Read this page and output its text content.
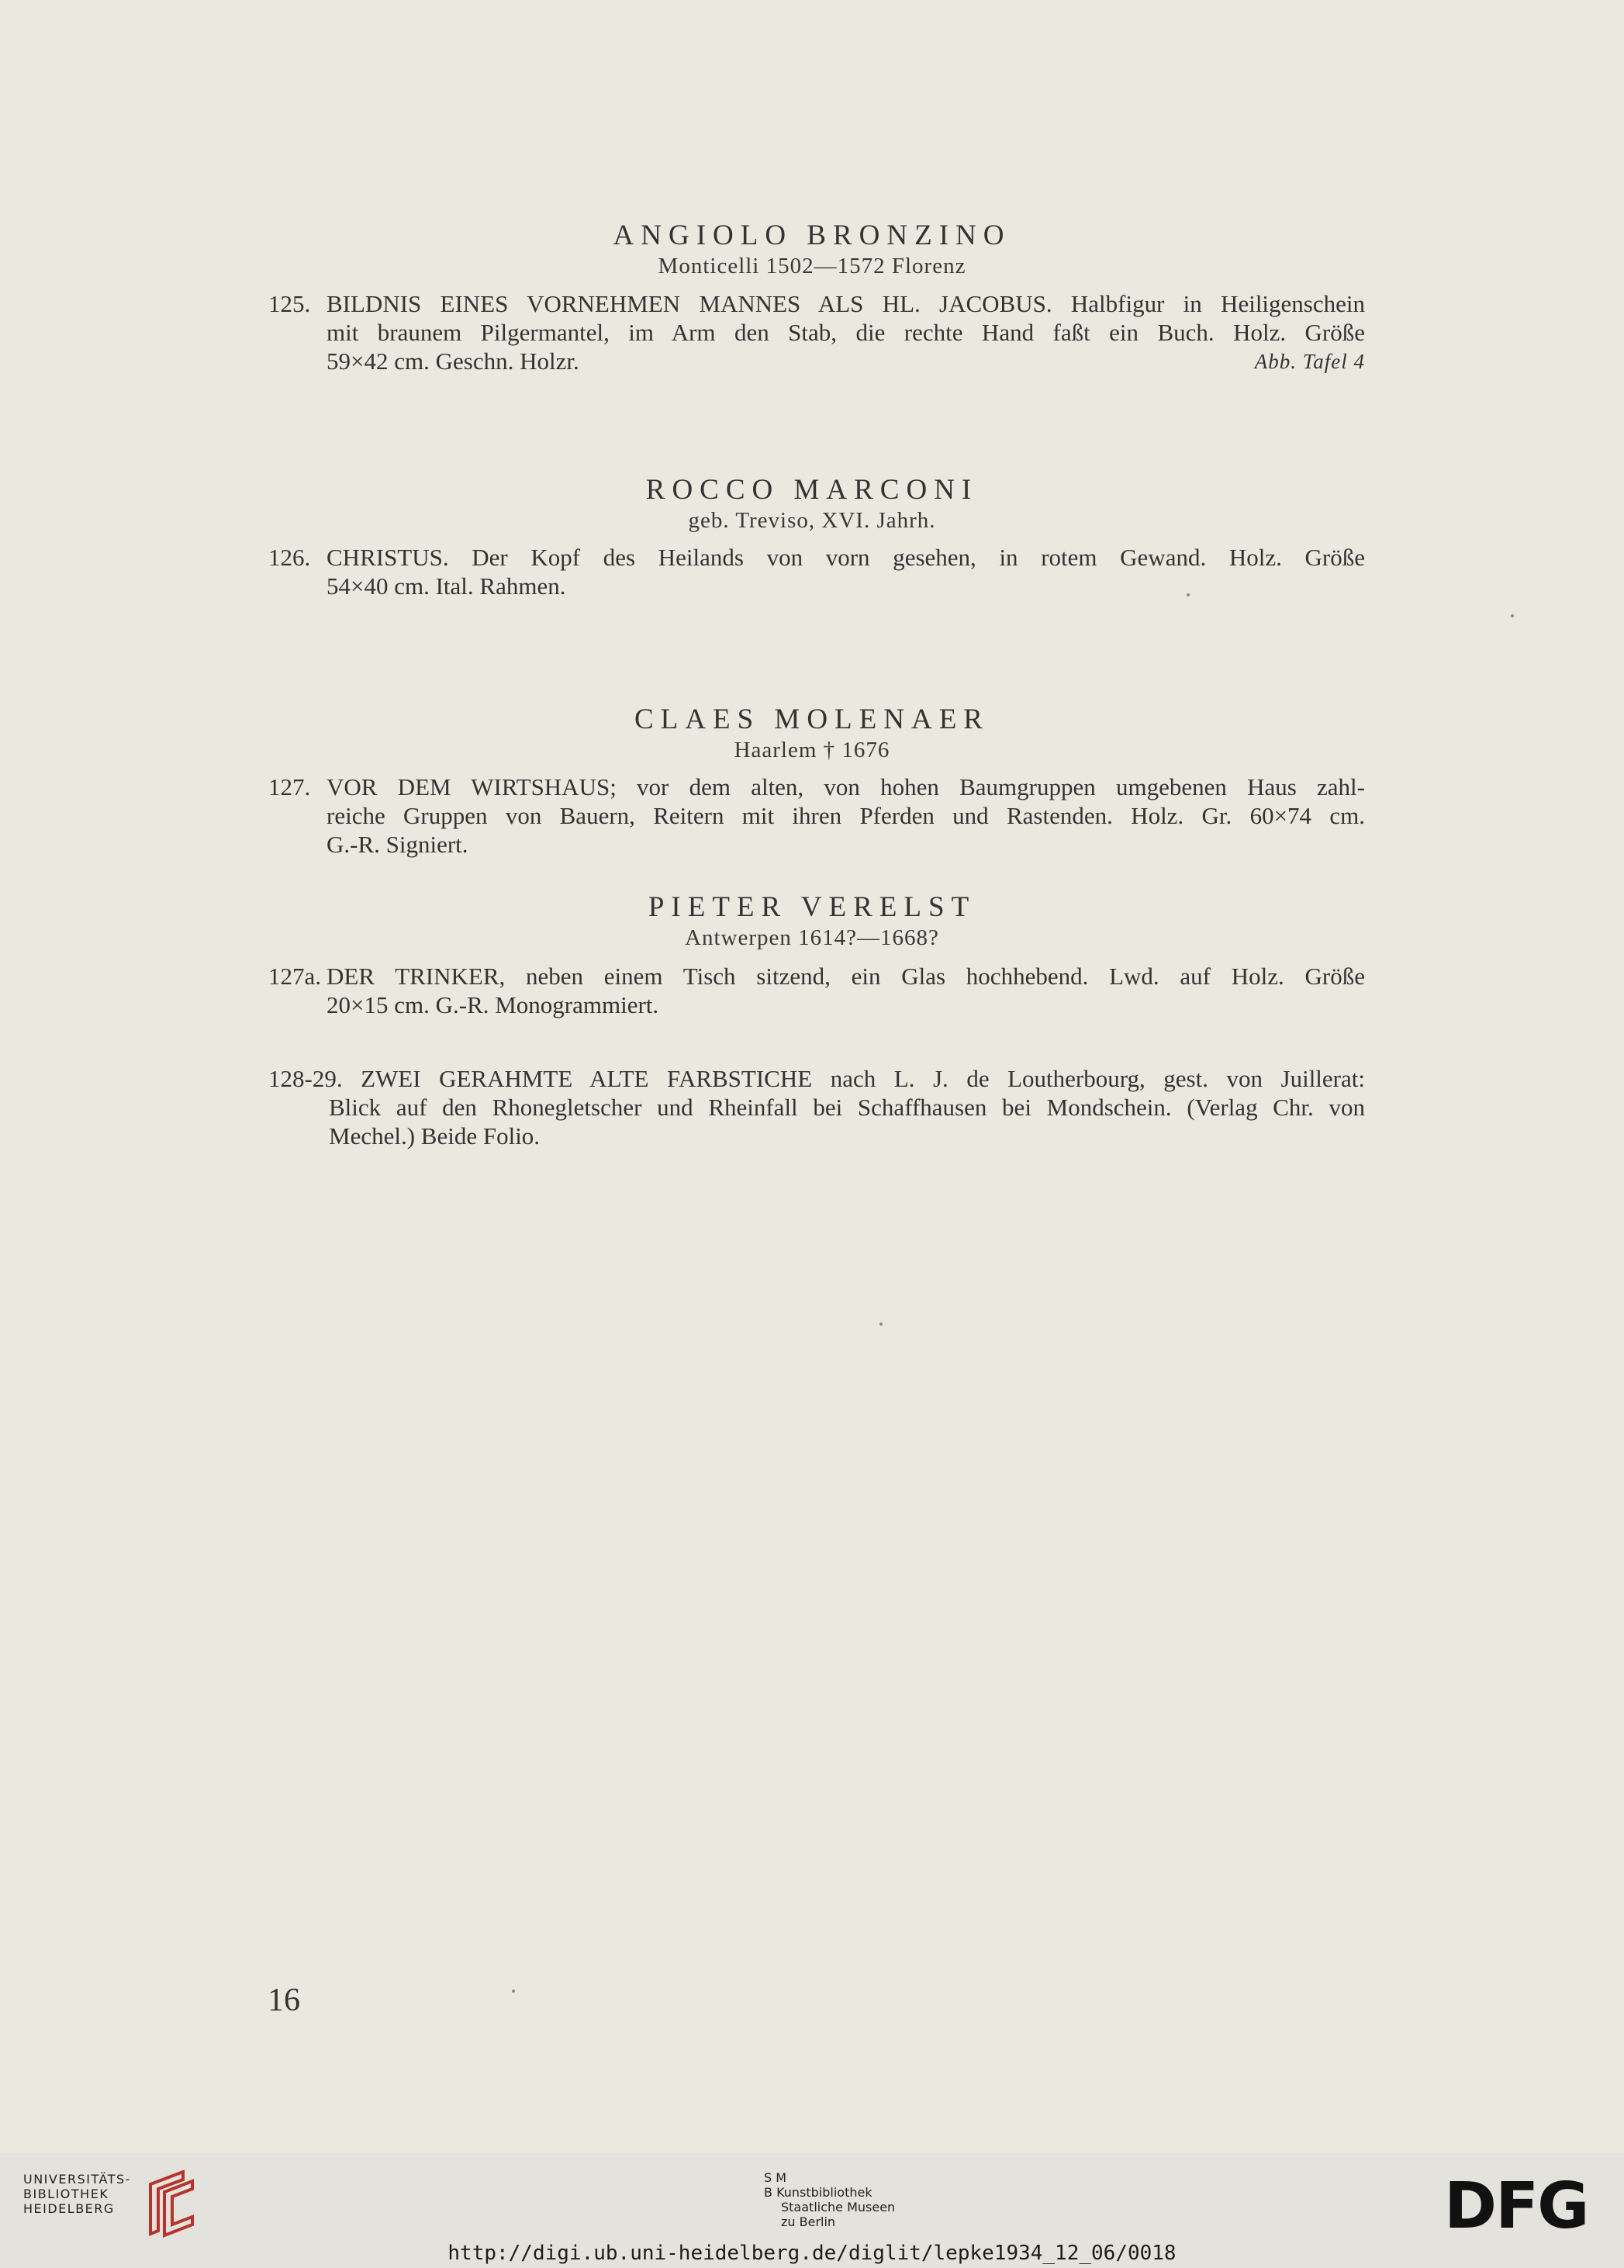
ANGIOLO BRONZINO
Monticelli 1502—1572 Florenz
125. BILDNIS EINES VORNEHMEN MANNES ALS HL. JACOBUS. Halbfigur in Heiligenschein
mit braunem Pilgermantel, im Arm den Stab, die rechte Hand faßt ein Buch. Holz. Größe
59×42 cm. Geschn. Holzr.	Abb. Tafel 4
ROCCO MARCONI
geb. Treviso, XVI. Jahrh.
126. CHRISTUS. Der Kopf des Heilands von vorn gesehen, in rotem Gewand. Holz. Größe
54×40 cm. Ital. Rahmen.
CLAES MOLENAER
Haarlem † 1676
127. VOR DEM WIRTSHAUS; vor dem alten, von hohen Baumgruppen umgebenen Haus zahl-
reiche Gruppen von Bauern, Reitern mit ihren Pferden und Rastenden. Holz. Gr. 60×74 cm.
G.-R. Signiert.
PIETER VERELST
Antwerpen 1614?—1668?
127a. DER TRINKER, neben einem Tisch sitzend, ein Glas hochhebend. Lwd. auf Holz. Größe
20×15 cm. G.-R. Monogrammiert.
128-29. ZWEI GERAHMTE ALTE FARBSTICHE nach L. J. de Loutherbourg, gest. von Juillerat:
Blick auf den Rhonegletscher und Rheinfall bei Schaffhausen bei Mondschein. (Verlag Chr. von
Mechel.) Beide Folio.
16
UNIVERSITÄTS-
BIBLIOTHEK
HEIDELBERG
S M
B Kunstbibliothek
Staatliche Museen
zu Berlin	DFG
http://digi.ub.uni-heidelberg.de/diglit/lepke1934_12_06/0018
